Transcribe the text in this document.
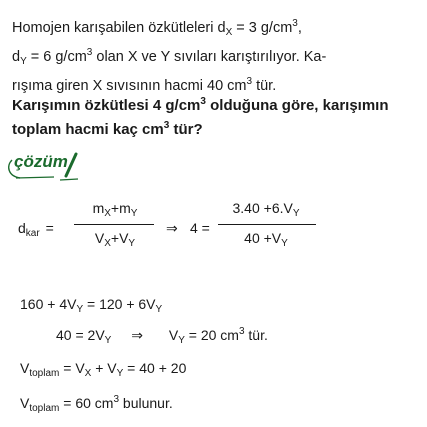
Homojen karışabilen özkütleleri $d_X = 3$ $g/cm^3$,
$d_Y = 6$ $g/cm^3$ olan X ve Y sıvıları karıştırılıyor. Ka-
rışıma giren X sıvısının hacmi 40 $cm^3$ tür.
Karışımın özkütlesi 4 $g/cm^3$ olduğuna göre, karışımın toplam hacmi kaç $cm^3$ tür?
çözüm
$d_{kar}$ =
$m_X+m_Y$
$V_X+V_Y$
⇒ 4 =
$3.40 +6.V_Y$
$40 +V_Y$
$160 + 4V_Y = 120 + 6V_Y$
$40 = 2V_Y$ ⇒ $V_Y = 20$ $cm^3$ tür.
$V_{toplam} = V_X + V_Y = 40 + 20$
$V_{toplam} = 60$ $cm^3$ bulunur.
